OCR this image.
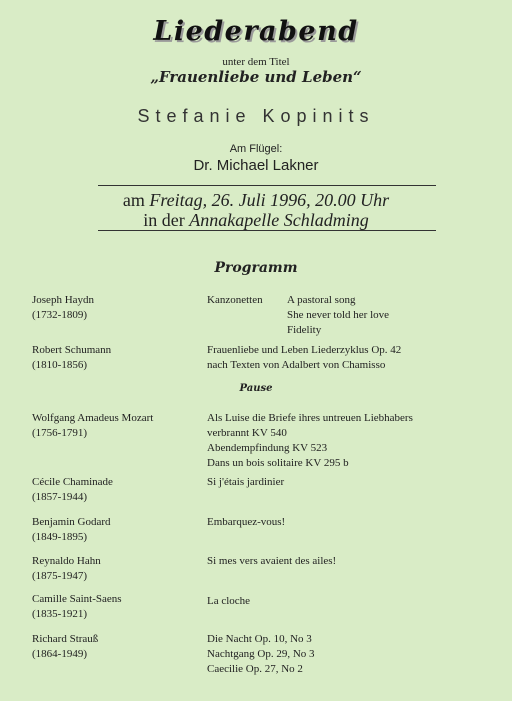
Liederabend
unter dem Titel
„Frauenliebe und Leben“
Stefanie Kopinits
Am Flügel:
Dr. Michael Lakner
am Freitag, 26. Juli 1996, 20.00 Uhr
in der Annakapelle Schladming
Programm
Pause
Joseph Haydn
(1732-1809)
Kanzonetten A pastoral song
She never told her love
Fidelity
Robert Schumann
(1810-1856)
Frauenliebe und Leben Liederzyklus Op. 42
nach Texten von Adalbert von Chamisso
Wolfgang Amadeus Mozart
(1756-1791)
Als Luise die Briefe ihres untreuen Liebhabers
verbrannt KV 540
Abendempfindung KV 523
Dans un bois solitaire KV 295 b
Cécile Chaminade
(1857-1944)
Si j'étais jardinier
Benjamin Godard
(1849-1895)
Embarquez-vous!
Reynaldo Hahn
(1875-1947)
Si mes vers avaient des ailes!
Camille Saint-Saens
(1835-1921)
La cloche
Richard Strauß
(1864-1949)
Die Nacht Op. 10, No 3
Nachtgang Op. 29, No 3
Caecilie Op. 27, No 2
